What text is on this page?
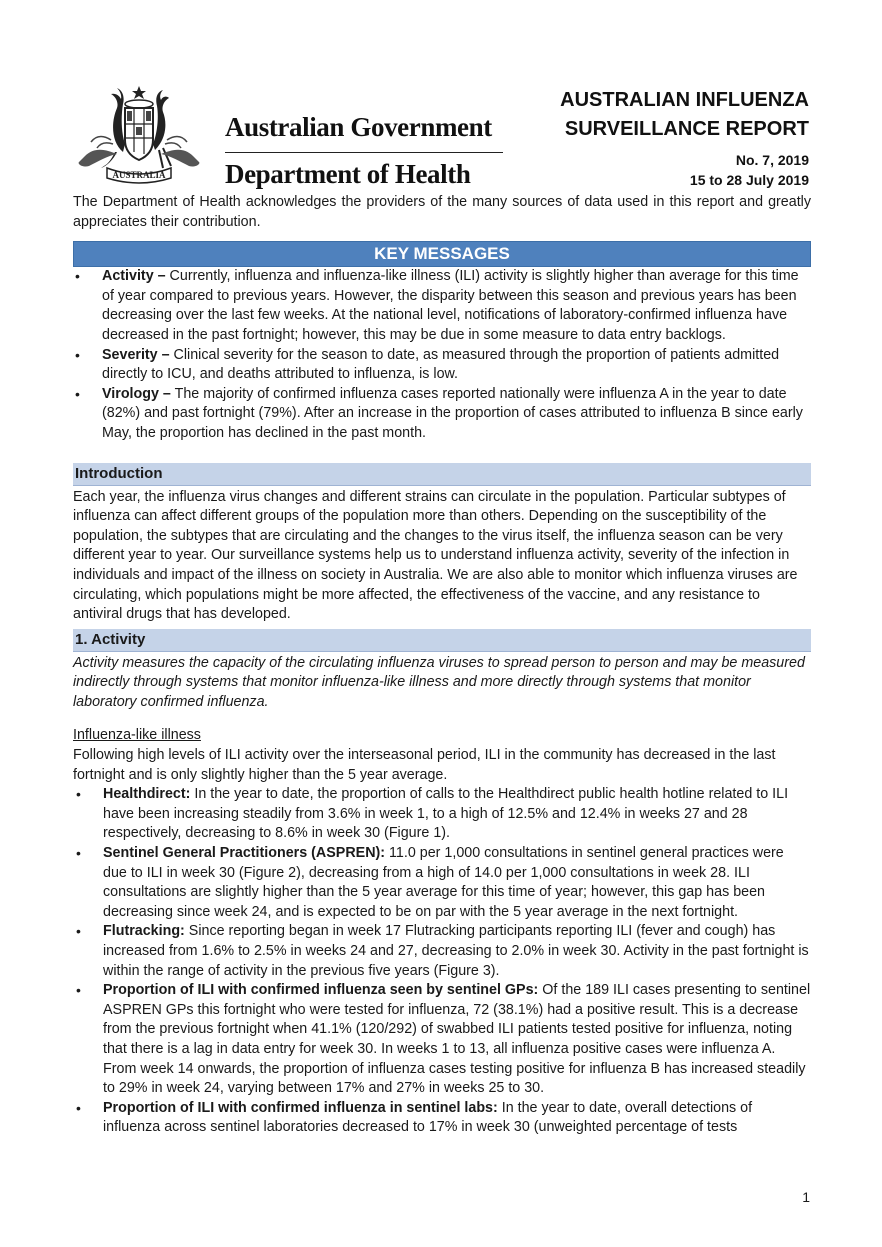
AUSTRALIA
Australian Government
Department of Health
AUSTRALIAN INFLUENZA
SURVEILLANCE REPORT
No. 7, 2019
15 to 28 July 2019

The Department of Health acknowledges the providers of the many sources of data used in this report and greatly appreciates their contribution.

KEY MESSAGES
• Activity – Currently, influenza and influenza-like illness (ILI) activity is slightly higher than average for this time of year compared to previous years. However, the disparity between this season and previous years has been decreasing over the last few weeks. At the national level, notifications of laboratory-confirmed influenza have decreased in the past fortnight; however, this may be due in some measure to data entry backlogs.
• Severity – Clinical severity for the season to date, as measured through the proportion of patients admitted directly to ICU, and deaths attributed to influenza, is low.
• Virology – The majority of confirmed influenza cases reported nationally were influenza A in the year to date (82%) and past fortnight (79%). After an increase in the proportion of cases attributed to influenza B since early May, the proportion has declined in the past month.
Introduction

Each year, the influenza virus changes and different strains can circulate in the population. Particular subtypes of influenza can affect different groups of the population more than others. Depending on the susceptibility of the population, the subtypes that are circulating and the changes to the virus itself, the influenza season can be very different year to year. Our surveillance systems help us to understand influenza activity, severity of the infection in individuals and impact of the illness on society in Australia. We are also able to monitor which influenza viruses are circulating, which populations might be more affected, the effectiveness of the vaccine, and any resistance to antiviral drugs that has developed.

1. Activity

Activity measures the capacity of the circulating influenza viruses to spread person to person and may be measured indirectly through systems that monitor influenza-like illness and more directly through systems that monitor laboratory confirmed influenza.

Influenza-like illness

Following high levels of ILI activity over the interseasonal period, ILI in the community has decreased in the last fortnight and is only slightly higher than the 5 year average.

• Healthdirect: In the year to date, the proportion of calls to the Healthdirect public health hotline related to ILI have been increasing steadily from 3.6% in week 1, to a high of 12.5% and 12.4% in weeks 27 and 28 respectively, decreasing to 8.6% in week 30 (Figure 1).
• Sentinel General Practitioners (ASPREN): 11.0 per 1,000 consultations in sentinel general practices were due to ILI in week 30 (Figure 2), decreasing from a high of 14.0 per 1,000 consultations in week 28. ILI consultations are slightly higher than the 5 year average for this time of year; however, this gap has been decreasing since week 24, and is expected to be on par with the 5 year average in the next fortnight.
• Flutracking: Since reporting began in week 17 Flutracking participants reporting ILI (fever and cough) has increased from 1.6% to 2.5% in weeks 24 and 27, decreasing to 2.0% in week 30. Activity in the past fortnight is within the range of activity in the previous five years (Figure 3).
• Proportion of ILI with confirmed influenza seen by sentinel GPs: Of the 189 ILI cases presenting to sentinel ASPREN GPs this fortnight who were tested for influenza, 72 (38.1%) had a positive result. This is a decrease from the previous fortnight when 41.1% (120/292) of swabbed ILI patients tested positive for influenza, noting that there is a lag in data entry for week 30. In weeks 1 to 13, all influenza positive cases were influenza A. From week 14 onwards, the proportion of influenza cases testing positive for influenza B has increased steadily to 29% in week 24, varying between 17% and 27% in weeks 25 to 30.
• Proportion of ILI with confirmed influenza in sentinel labs: In the year to date, overall detections of influenza across sentinel laboratories decreased to 17% in week 30 (unweighted percentage of tests
1
